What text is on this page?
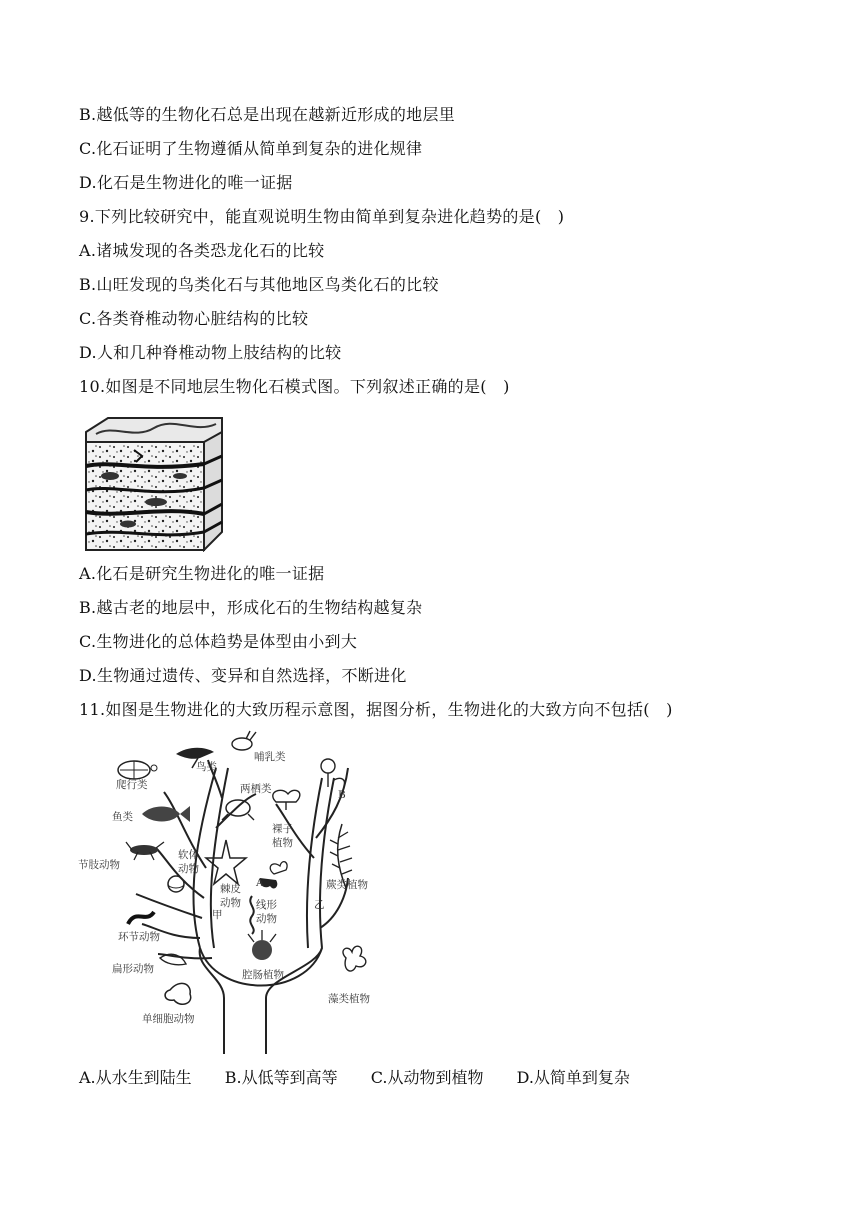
B.越低等的生物化石总是出现在越新近形成的地层里
C.化石证明了生物遵循从简单到复杂的进化规律
D.化石是生物进化的唯一证据
9.下列比较研究中，能直观说明生物由简单到复杂进化趋势的是(　)
A.诸城发现的各类恐龙化石的比较
B.山旺发现的鸟类化石与其他地区鸟类化石的比较
C.各类脊椎动物心脏结构的比较
D.人和几种脊椎动物上肢结构的比较
10.如图是不同地层生物化石模式图。下列叙述正确的是(　)
A.化石是研究生物进化的唯一证据
B.越古老的地层中，形成化石的生物结构越复杂
C.生物进化的总体趋势是体型由小到大
D.生物通过遗传、变异和自然选择，不断进化
11.如图是生物进化的大致历程示意图，据图分析，生物进化的大致方向不包括(　)
哺乳类
鸟类
爬行类	两栖类
鱼类
节肢动物
软体
动物
棘皮
动物 线形
动物
环节动物
扁形动物	腔肠植物
单细胞动物
裸子
植物
蕨类植物
藻类植物
A
B
甲
乙
A.从水生到陆生 B.从低等到高等 C.从动物到植物 D.从简单到复杂
